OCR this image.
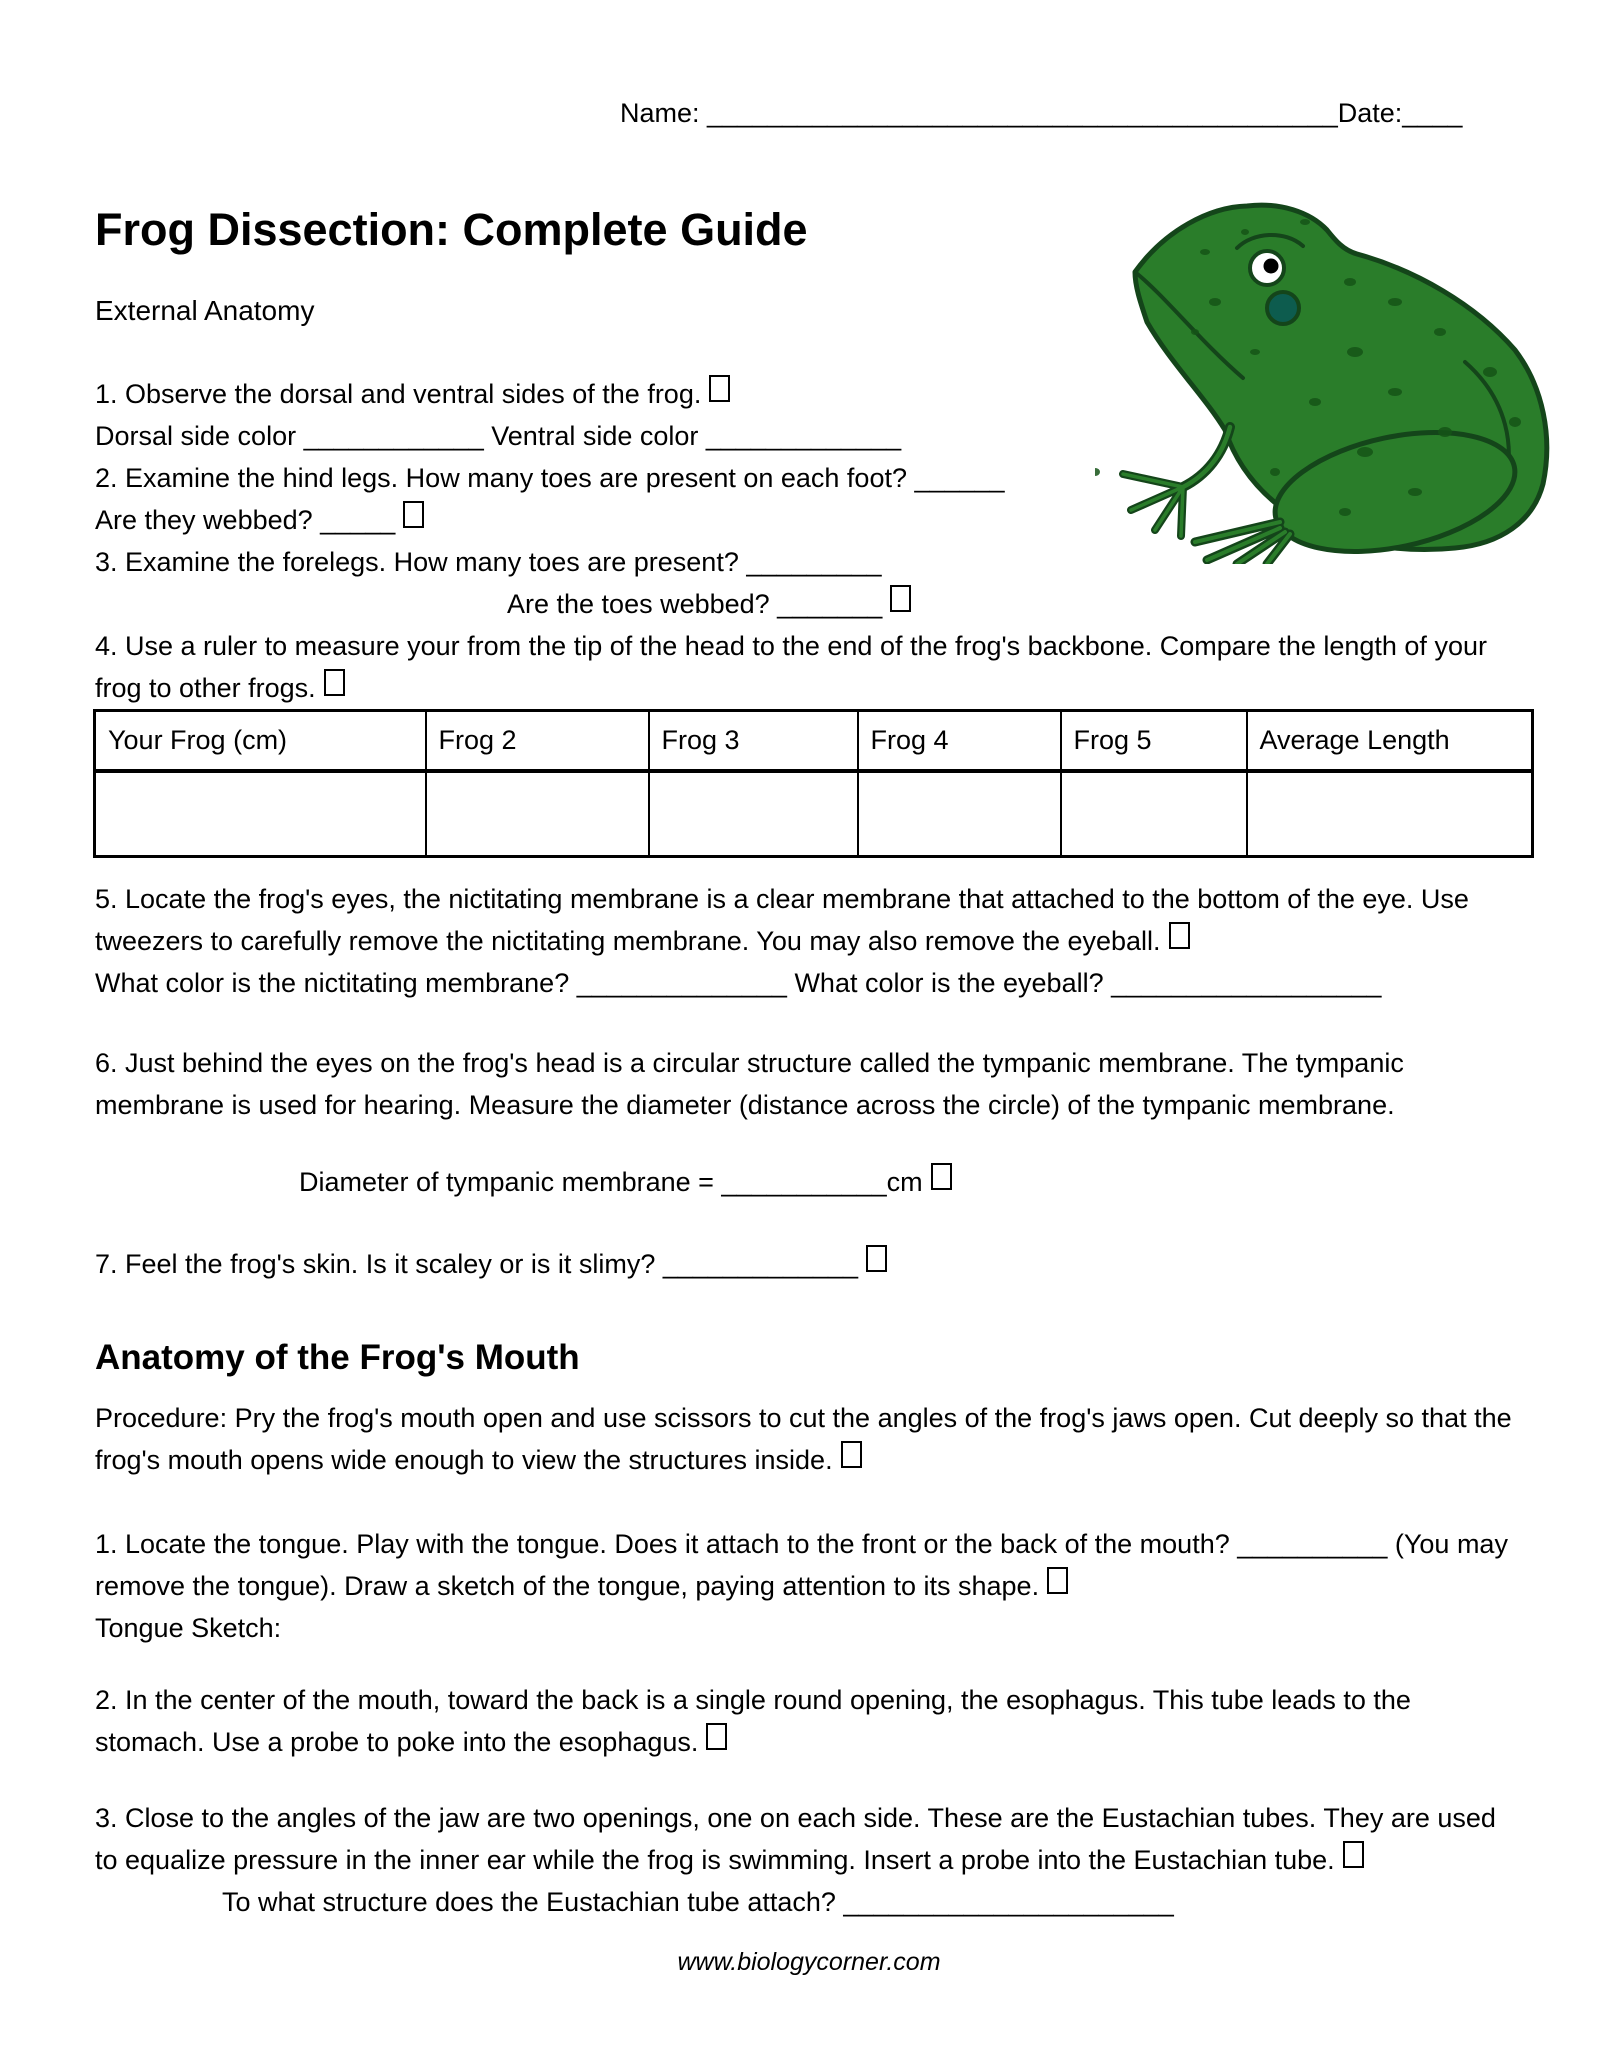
Name: __________________________________________Date:____
Frog Dissection: Complete Guide
External Anatomy
1. Observe the dorsal and ventral sides of the frog.
Dorsal side color ____________ Ventral side color _____________
2. Examine the hind legs. How many toes are present on each foot? ______
Are they webbed? _____
3. Examine the forelegs. How many toes are present? _________
Are the toes webbed? _______
4. Use a ruler to measure your from the tip of the head to the end of the frog's backbone. Compare the length of your frog to other frogs.
Your Frog (cm)	Frog 2	Frog 3	Frog 4	Frog 5	Average Length

5. Locate the frog's eyes, the nictitating membrane is a clear membrane that attached to the bottom of the eye. Use tweezers to carefully remove the nictitating membrane. You may also remove the eyeball.
What color is the nictitating membrane? ______________ What color is the eyeball? __________________
6. Just behind the eyes on the frog's head is a circular structure called the tympanic membrane. The tympanic membrane is used for hearing. Measure the diameter (distance across the circle) of the tympanic membrane.
Diameter of tympanic membrane = ___________cm
7. Feel the frog's skin. Is it scaley or is it slimy? _____________
Anatomy of the Frog's Mouth
Procedure: Pry the frog's mouth open and use scissors to cut the angles of the frog's jaws open. Cut deeply so that the frog's mouth opens wide enough to view the structures inside.
1. Locate the tongue. Play with the tongue. Does it attach to the front or the back of the mouth? __________ (You may remove the tongue). Draw a sketch of the tongue, paying attention to its shape.
Tongue Sketch:
2. In the center of the mouth, toward the back is a single round opening, the esophagus. This tube leads to the stomach. Use a probe to poke into the esophagus.
3. Close to the angles of the jaw are two openings, one on each side. These are the Eustachian tubes. They are used to equalize pressure in the inner ear while the frog is swimming. Insert a probe into the Eustachian tube.
To what structure does the Eustachian tube attach? ______________________
www.biologycorner.com
